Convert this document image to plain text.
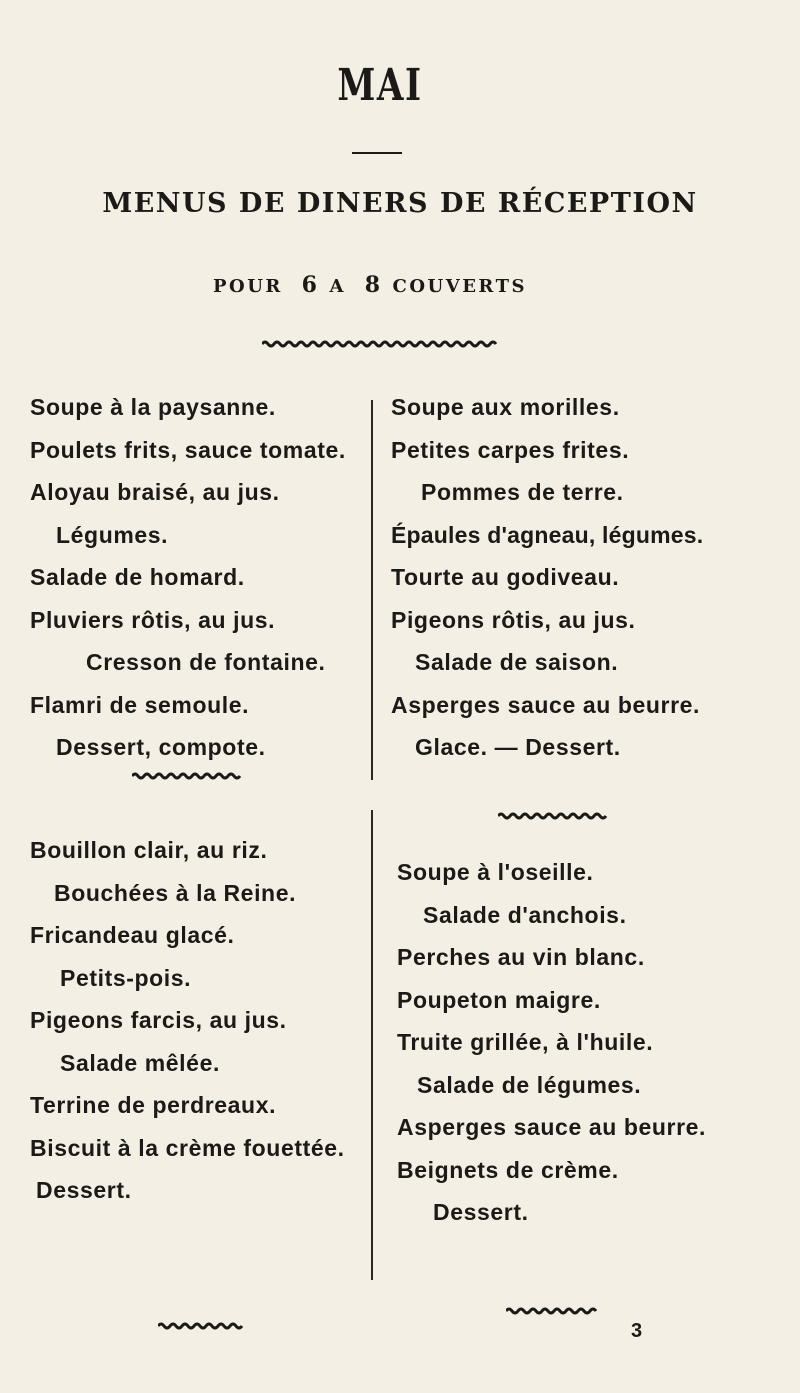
MAI
MENUS DE DINERS DE RÉCEPTION
POUR 6 A 8 COUVERTS
Soupe à la paysanne.
Poulets frits, sauce tomate.
Aloyau braisé, au jus.
Légumes.
Salade de homard.
Pluviers rôtis, au jus.
Cresson de fontaine.
Flamri de semoule.
Dessert, compote.
Soupe aux morilles.
Petites carpes frites.
Pommes de terre.
Épaules d'agneau, légumes.
Tourte au godiveau.
Pigeons rôtis, au jus.
Salade de saison.
Asperges sauce au beurre.
Glace. — Dessert.
Bouillon clair, au riz.
Bouchées à la Reine.
Fricandeau glacé.
Petits-pois.
Pigeons farcis, au jus.
Salade mêlée.
Terrine de perdreaux.
Biscuit à la crème fouettée.
Dessert.
Soupe à l'oseille.
Salade d'anchois.
Perches au vin blanc.
Poupeton maigre.
Truite grillée, à l'huile.
Salade de légumes.
Asperges sauce au beurre.
Beignets de crème.
Dessert.
3
